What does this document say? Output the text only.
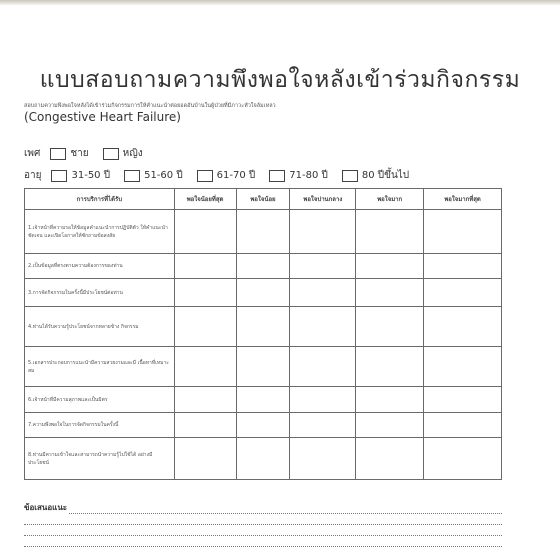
แบบสอบถามความพึงพอใจหลังเข้าร่วมกิจกรรม
สอบถามความพึงพอใจหลังได้เข้าร่วมกิจกรรมการให้คำแนะนำต่อยอดอันบ้านในผู้ป่วยที่มีภาวะหัวใจล้มเหลว
(Congestive Heart Failure)
เพศ	ชาย	หญิง
อายุ	31-50 ปี	51-60 ปี	61-70 ปี	71-80 ปี	80 ปีขึ้นไป
การบริการที่ได้รับ	พอใจน้อยที่สุด	พอใจน้อย	พอใจปานกลาง	พอใจมาก	พอใจมากที่สุด
1.เจ้าหน้าที่ความรอให้ข้อมูลคำแนะนำการปฏิบัติตัว ให้คำแนะนำชัดเจน และเปิดโอกาสให้ซักถามข้อสงสัย					
2.เป็นข้อมูลที่ตรงตามความต้องการของท่าน					
3.การจัดกิจกรรมในครั้งนี้มีประโยชน์ต่อท่าน					
4.ท่านได้รับความรู้ประโยชน์จากหลายข้าง กิจกรรม					
5.เอกสารประกอบการแนะนำมีความสวยงามและมี เนื้อหาที่เหมาะสม					
6.เจ้าหน้าที่มีความสุภาพและเป็นมิตร					
7.ความพึงพอใจในการจัดกิจกรรมในครั้งนี้					
8.ท่านมีความเข้าใจและสามารถนำความรู้ไปใช้ได้ อย่างมีประโยชน์					
ข้อเสนอแนะ
